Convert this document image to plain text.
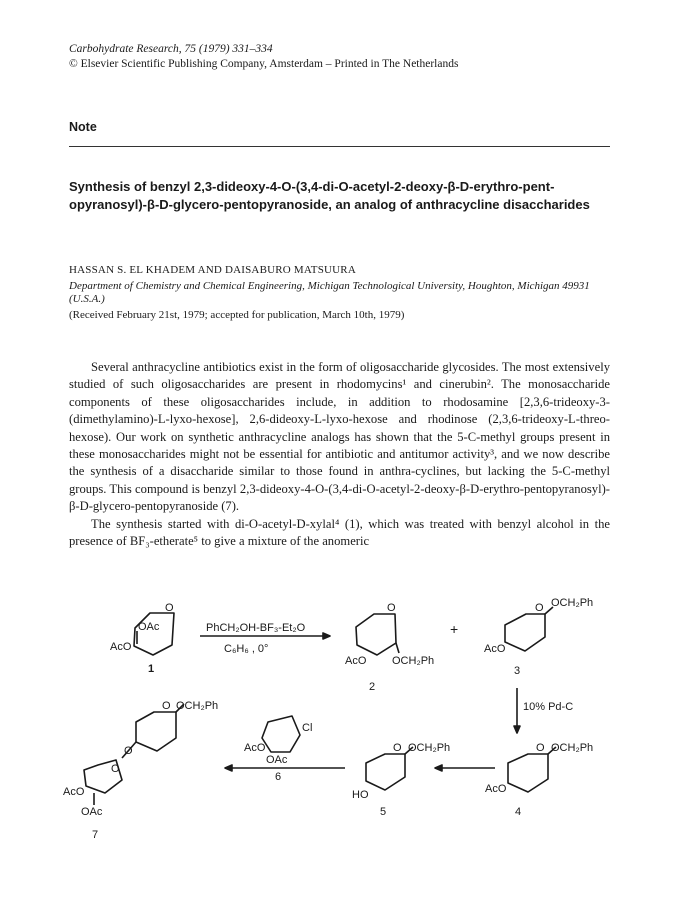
Carbohydrate Research, 75 (1979) 331–334
© Elsevier Scientific Publishing Company, Amsterdam – Printed in The Netherlands
Note
Synthesis of benzyl 2,3-dideoxy-4-O-(3,4-di-O-acetyl-2-deoxy-β-D-erythro-pent-opyranosyl)-β-D-glycero-pentopyranoside, an analog of anthracycline disaccharides
HASSAN S. EL KHADEM AND DAISABURO MATSUURA
Department of Chemistry and Chemical Engineering, Michigan Technological University, Houghton, Michigan 49931 (U.S.A.)
(Received February 21st, 1979; accepted for publication, March 10th, 1979)

Several anthracycline antibiotics exist in the form of oligosaccharide glycosides. The most extensively studied of such oligosaccharides are present in rhodomycins¹ and cinerubin². The monosaccharide components of these oligosaccharides include, in addition to rhodosamine [2,3,6-trideoxy-3-(dimethylamino)-L-lyxo-hexose], 2,6-dideoxy-L-lyxo-hexose and rhodinose (2,3,6-trideoxy-L-threo-hexose). Our work on synthetic anthracycline analogs has shown that the 5-C-methyl groups present in these monosaccharides might not be essential for antibiotic and antitumor activity³, and we now describe the synthesis of a disaccharide similar to those found in anthra-cyclines, but lacking the 5-C-methyl groups. This compound is benzyl 2,3-dideoxy-4-O-(3,4-di-O-acetyl-2-deoxy-β-D-erythro-pentopyranosyl)-β-D-glycero-pentopyranoside (7).

The synthesis started with di-O-acetyl-D-xylal⁴ (1), which was treated with benzyl alcohol in the presence of BF₃-etherate⁵ to give a mixture of the anomeric

O
OAc
AcO
1
PhCH₂OH-BF₃-Et₂O
C₆H₆ , 0°
O
AcO OCH₂Ph
2
+
O OCH₂Ph
AcO
3
10% Pd-C
O OCH₂Ph
AcO
4
O OCH₂Ph
HO
5
Cl
AcO
OAc
6
O OCH₂Ph
O
O
AcO
OAc
7
